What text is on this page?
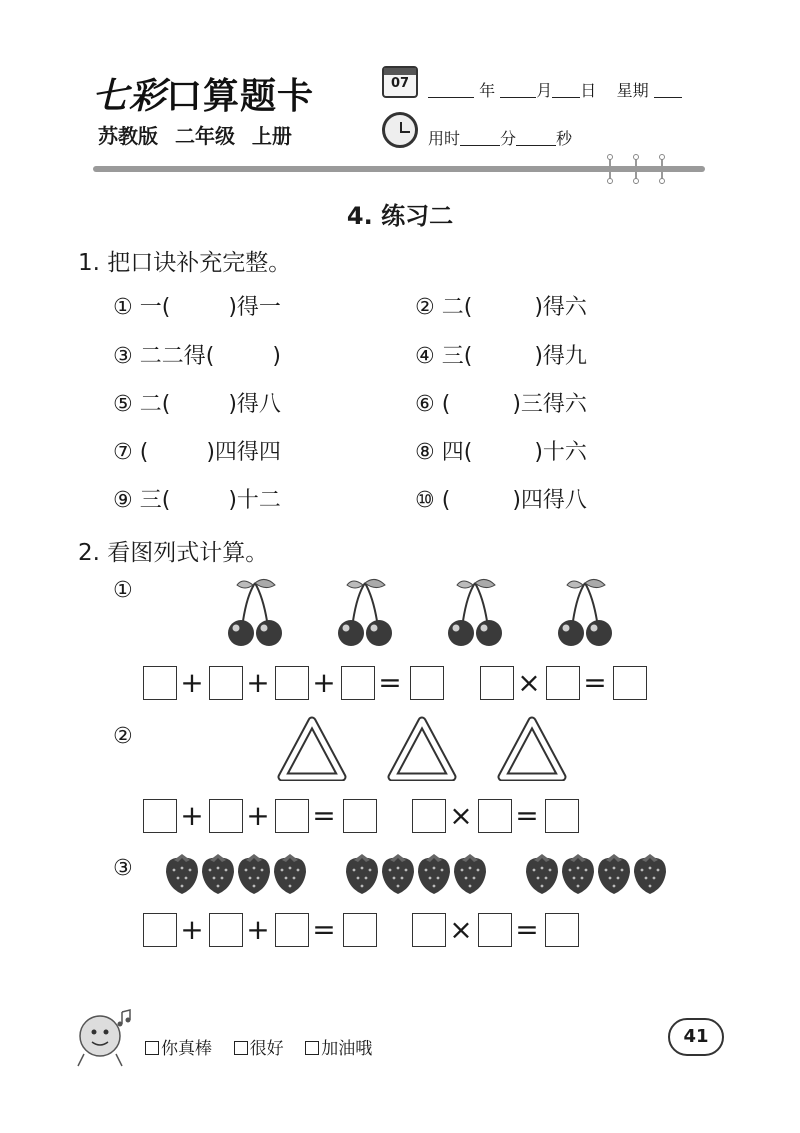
七彩口算题卡
苏教版 二年级 上册
07	年	月 日 星期
用时	分	秒
4. 练习二
1. 把口诀补充完整。
① 一(	)得一	② 二(	)得六
③ 二二得(	)	④ 三(	)得九
⑤ 二(	)得八	⑥ (	)三得六
⑦ (	)四得四	⑧ 四(	)十六
⑨ 三(	)十二	⑩ (	)四得八
2. 看图列式计算。
①
+ + + =	× =
②
+ + =	× =
③
+ + =	× =
你真棒 很好 加油哦
41
